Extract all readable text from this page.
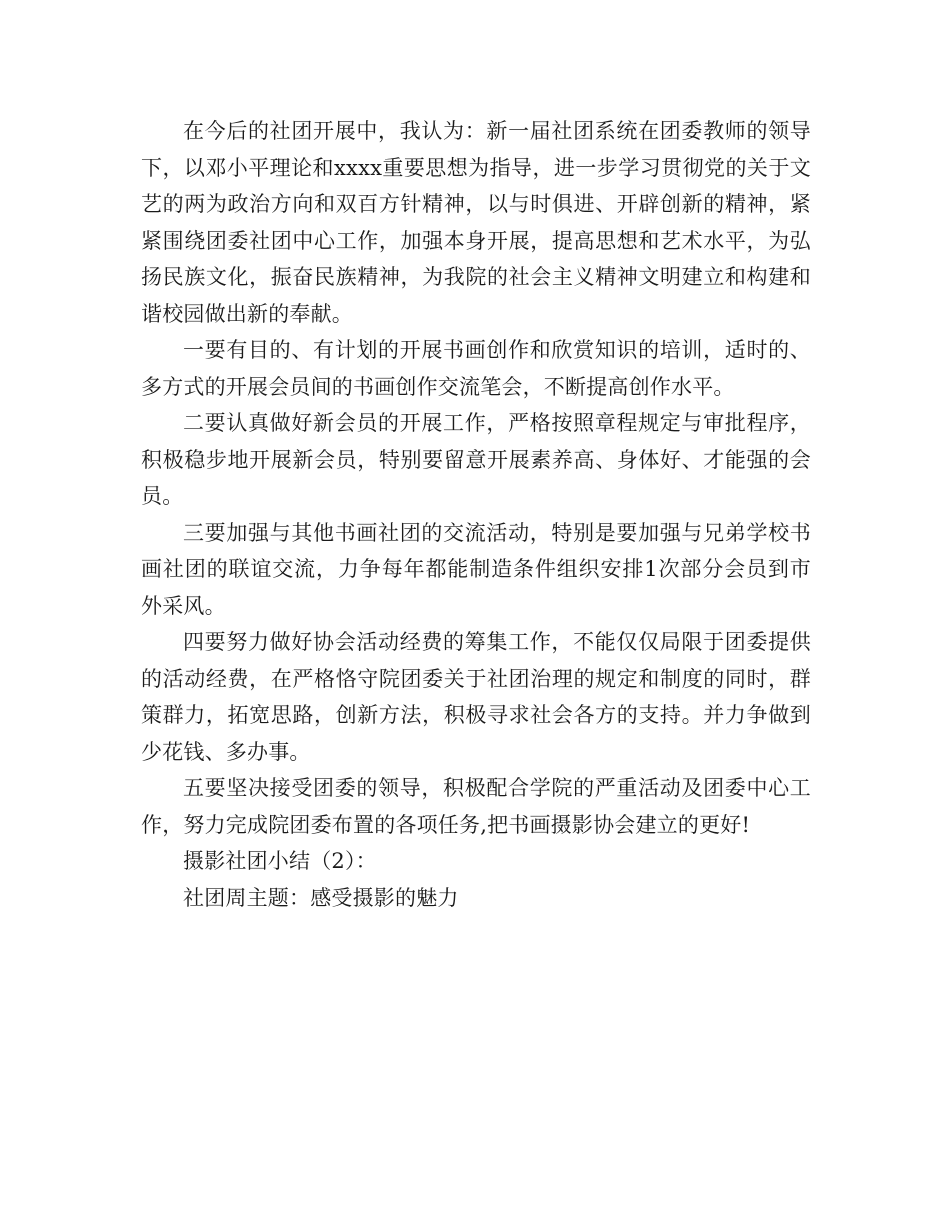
在今后的社团开展中，我认为：新一届社团系统在团委教师的领导下，以邓小平理论和xxxx重要思想为指导，进一步学习贯彻党的关于文艺的两为政治方向和双百方针精神，以与时俱进、开辟创新的精神，紧紧围绕团委社团中心工作，加强本身开展，提高思想和艺术水平，为弘扬民族文化，振奋民族精神，为我院的社会主义精神文明建立和构建和谐校园做出新的奉献。

一要有目的、有计划的开展书画创作和欣赏知识的培训，适时的、多方式的开展会员间的书画创作交流笔会，不断提高创作水平。

二要认真做好新会员的开展工作，严格按照章程规定与审批程序，积极稳步地开展新会员，特别要留意开展素养高、身体好、才能强的会员。

三要加强与其他书画社团的交流活动，特别是要加强与兄弟学校书画社团的联谊交流，力争每年都能制造条件组织安排1次部分会员到市外采风。

四要努力做好协会活动经费的筹集工作，不能仅仅局限于团委提供的活动经费，在严格恪守院团委关于社团治理的规定和制度的同时，群策群力，拓宽思路，创新方法，积极寻求社会各方的支持。并力争做到少花钱、多办事。

五要坚决接受团委的领导，积极配合学院的严重活动及团委中心工作，努力完成院团委布置的各项任务,把书画摄影协会建立的更好!

摄影社团小结（2）：

社团周主题：感受摄影的魅力
